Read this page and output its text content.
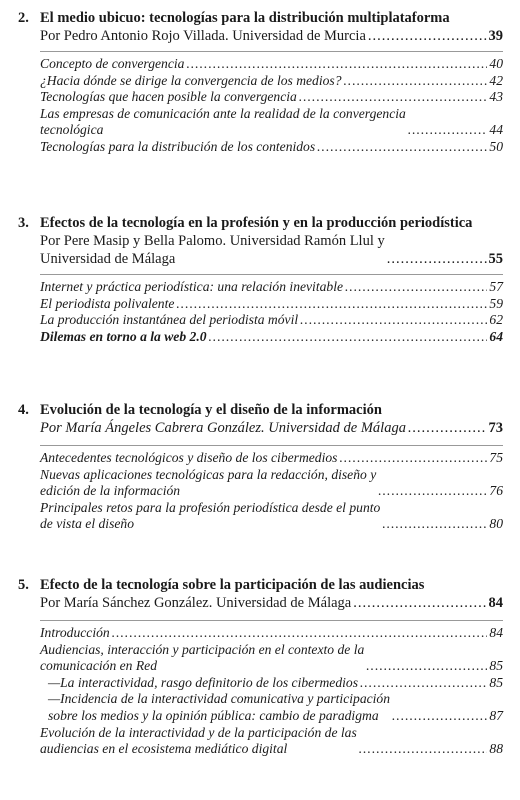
2. El medio ubicuo: tecnologías para la distribución multiplataforma
Por Pedro Antonio Rojo Villada. Universidad de Murcia .....	39
Concepto de convergencia .....	40
¿Hacia dónde se dirige la convergencia de los medios? .....	42
Tecnologías que hacen posible la convergencia .....	43
Las empresas de comunicación ante la realidad de la convergencia
tecnológica .....	44
Tecnologías para la distribución de los contenidos .....	50
3. Efectos de la tecnología en la profesión y en la producción periodística
Por Pere Masip y Bella Palomo. Universidad Ramón Llul y
Universidad de Málaga .....	55
Internet y práctica periodística: una relación inevitable .....	57
El periodista polivalente .....	59
La producción instantánea del periodista móvil .....	62
Dilemas en torno a la web 2.0 .....	64
4. Evolución de la tecnología y el diseño de la información
Por María Ángeles Cabrera González. Universidad de Málaga .....	73
Antecedentes tecnológicos y diseño de los cibermedios .....	75
Nuevas aplicaciones tecnológicas para la redacción, diseño y
edición de la información .....	76
Principales retos para la profesión periodística desde el punto
de vista el diseño .....	80
5. Efecto de la tecnología sobre la participación de las audiencias
Por María Sánchez González. Universidad de Málaga .....	84
Introducción .....	84
Audiencias, interacción y participación en el contexto de la
comunicación en Red .....	85
—La interactividad, rasgo definitorio de los cibermedios .....	85
—Incidencia de la interactividad comunicativa y participación
sobre los medios y la opinión pública: cambio de paradigma .....	87
Evolución de la interactividad y de la participación de las
audiencias en el ecosistema mediático digital .....	88
